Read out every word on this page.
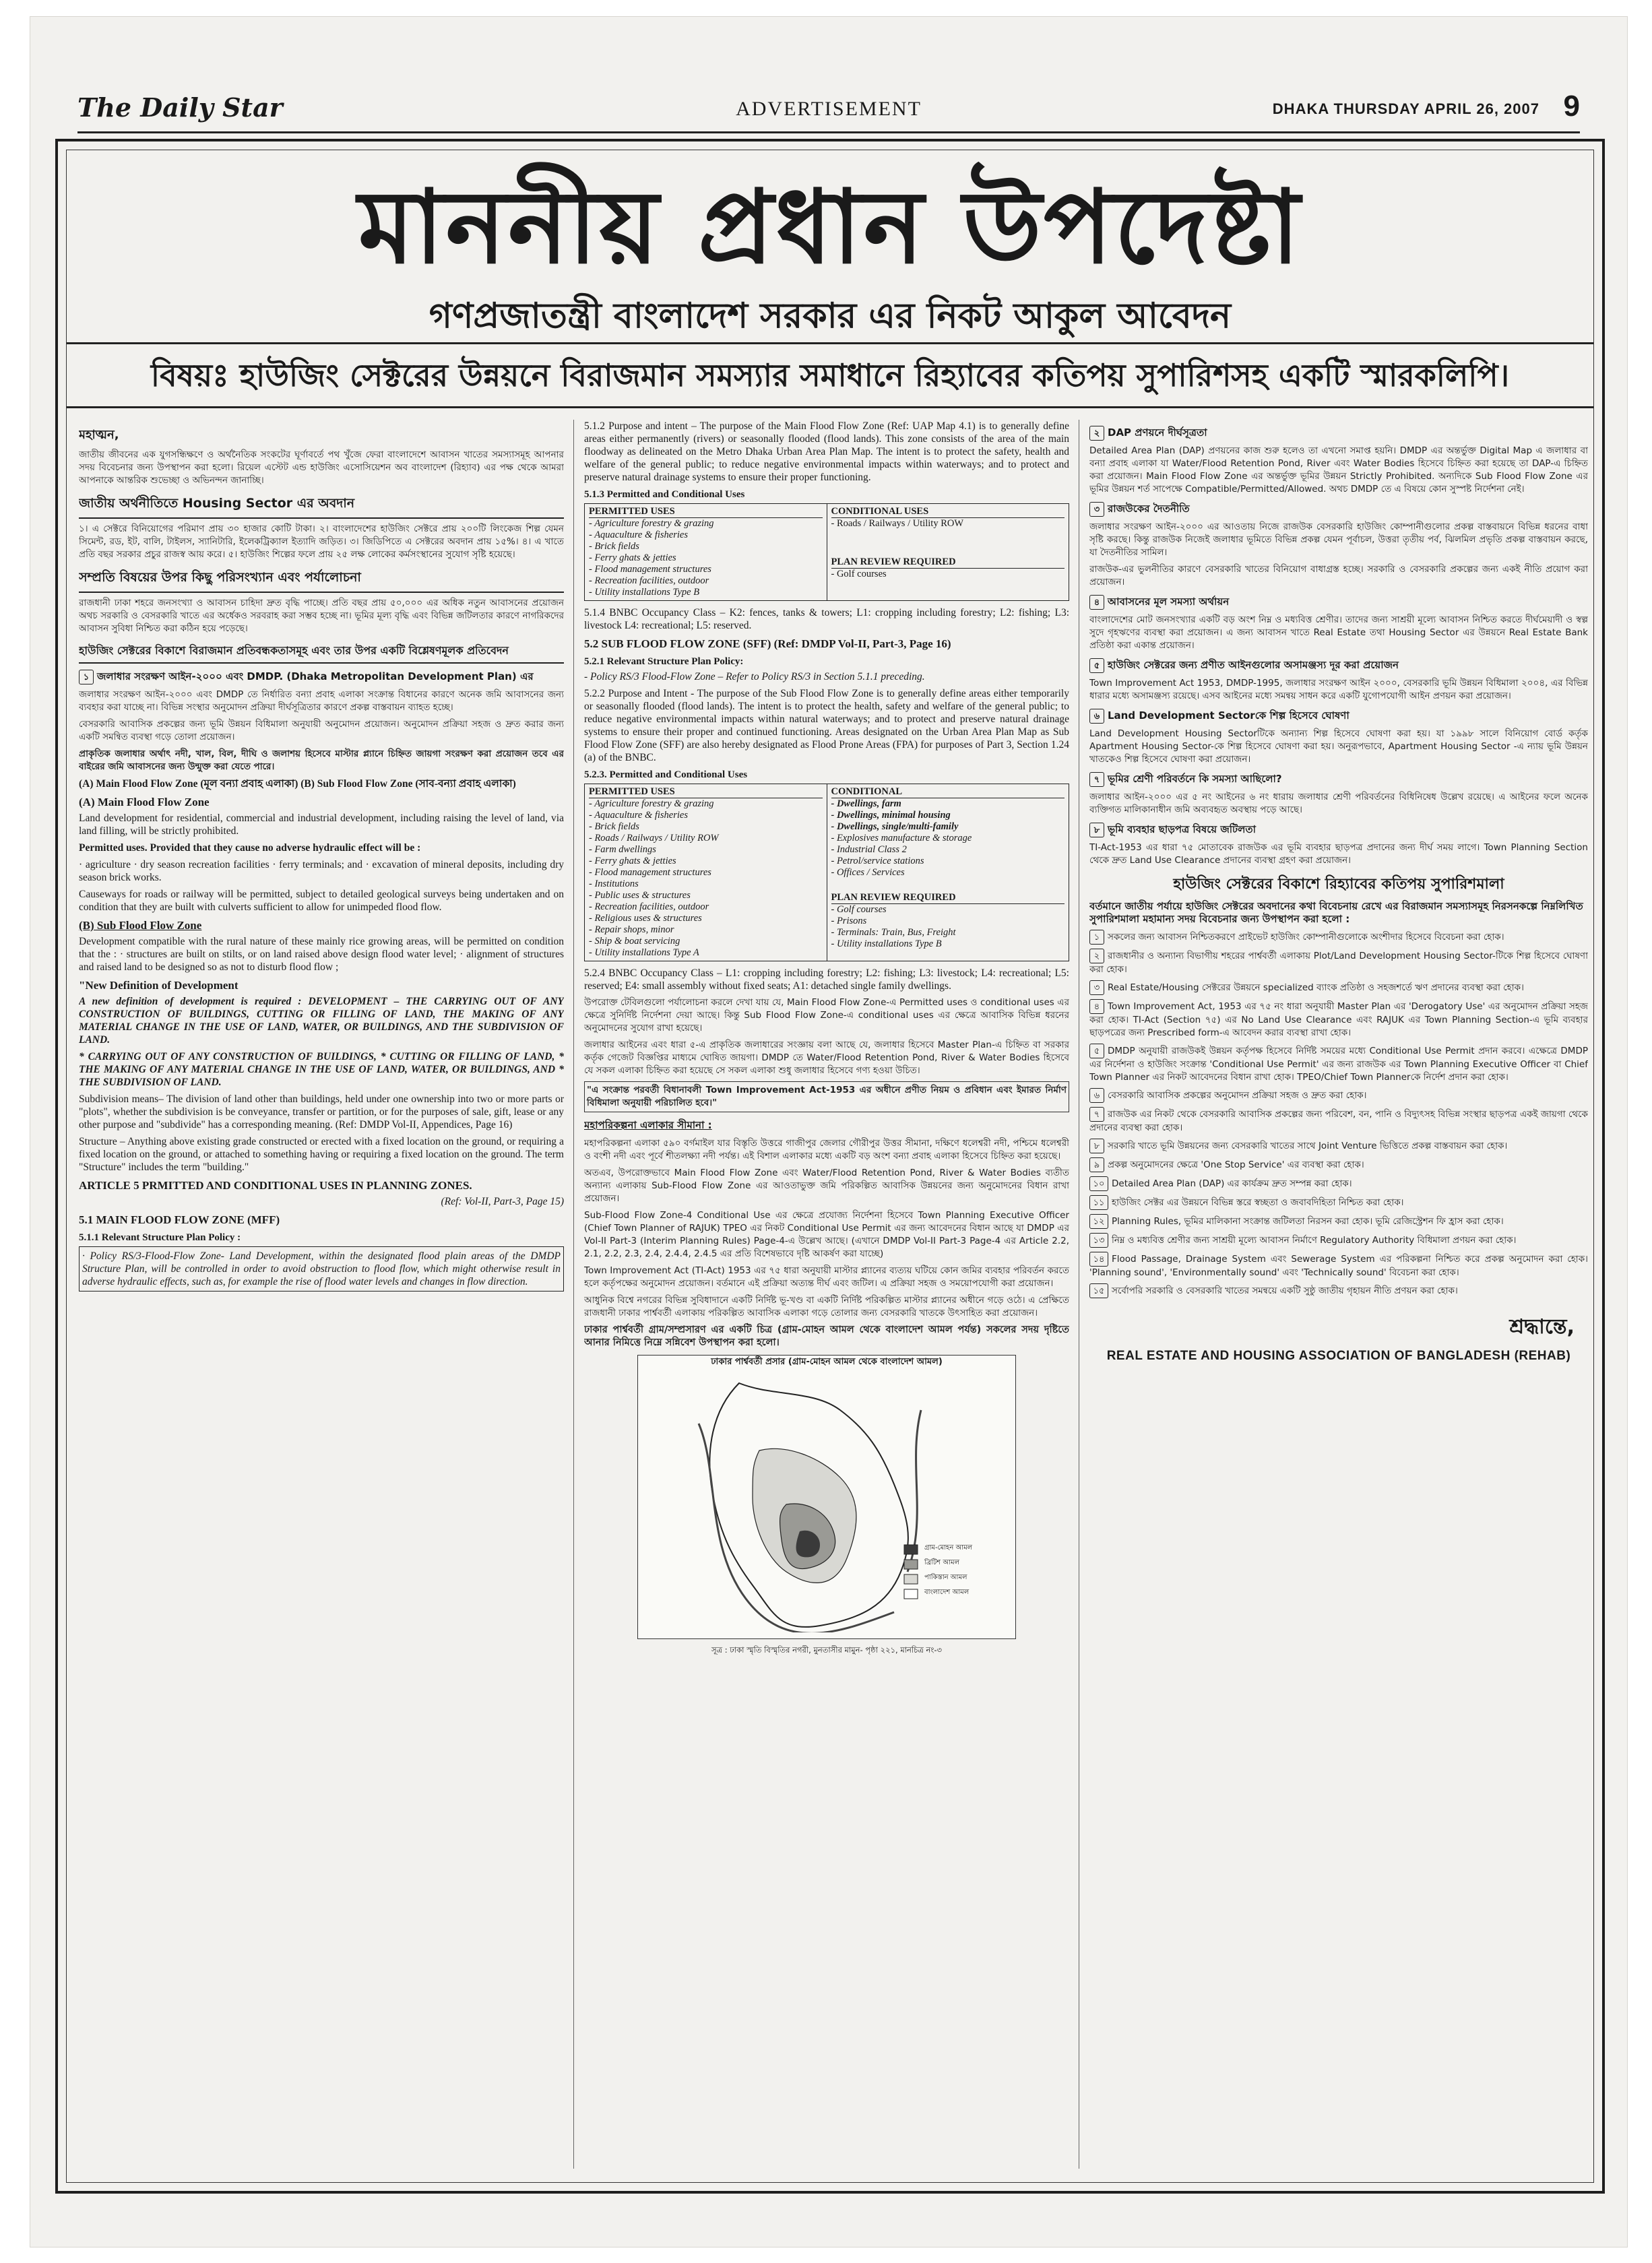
The Daily Star	ADVERTISEMENT	DHAKA THURSDAY APRIL 26, 2007 9
মাননীয় প্রধান উপদেষ্টা
গণপ্রজাতন্ত্রী বাংলাদেশ সরকার এর নিকট আকুল আবেদন
বিষয়ঃ হাউজিং সেক্টরের উন্নয়নে বিরাজমান সমস্যার সমাধানে রিহ্যাবের কতিপয় সুপারিশসহ একটি স্মারকলিপি।
মহাত্মন,

জাতীয় জীবনের এক যুগসন্ধিক্ষণে ও অর্থনৈতিক সংকটের ঘূর্ণাবর্তে পথ খুঁজে ফেরা বাংলাদেশে আবাসন খাতের সমস্যাসমূহ আপনার সদয় বিবেচনার জন্য উপস্থাপন করা হলো। রিয়েল এস্টেট এন্ড হাউজিং এসোসিয়েশন অব বাংলাদেশ (রিহ্যাব) এর পক্ষ থেকে আমরা আপনাকে আন্তরিক শুভেচ্ছা ও অভিনন্দন জানাচ্ছি।

জাতীয় অর্থনীতিতে Housing Sector এর অবদান

১। এ সেক্টরে বিনিয়োগের পরিমাণ প্রায় ৩০ হাজার কোটি টাকা। ২। বাংলাদেশের হাউজিং সেক্টরে প্রায় ২০০টি লিংকেজ শিল্প যেমন সিমেন্ট, রড, ইট, বালি, টাইলস, স্যানিটারি, ইলেকট্রিক্যাল ইত্যাদি জড়িত। ৩। জিডিপিতে এ সেক্টরের অবদান প্রায় ১৫%। ৪। এ খাতে প্রতি বছর সরকার প্রচুর রাজস্ব আয় করে। ৫। হাউজিং শিল্পের ফলে প্রায় ২৫ লক্ষ লোকের কর্মসংস্থানের সুযোগ সৃষ্টি হয়েছে।

সম্প্রতি বিষয়ের উপর কিছু পরিসংখ্যান এবং পর্যালোচনা

রাজধানী ঢাকা শহরে জনসংখ্যা ও আবাসন চাহিদা দ্রুত বৃদ্ধি পাচ্ছে। প্রতি বছর প্রায় ৫০,০০০ এর অধিক নতুন আবাসনের প্রয়োজন অথচ সরকারি ও বেসরকারি খাতে এর অর্ধেকও সরবরাহ করা সম্ভব হচ্ছে না। ভূমির মূল্য বৃদ্ধি এবং বিভিন্ন জটিলতার কারণে নাগরিকদের আবাসন সুবিধা নিশ্চিত করা কঠিন হয়ে পড়েছে।

হাউজিং সেক্টরের বিকাশে বিরাজমান প্রতিবন্ধকতাসমূহ এবং তার উপর একটি বিশ্লেষণমূলক প্রতিবেদন
১ জলাধার সংরক্ষণ আইন-২০০০ এবং DMDP. (Dhaka Metropolitan Development Plan) এর

জলাধার সংরক্ষণ আইন-২০০০ এবং DMDP তে নির্ধারিত বন্যা প্রবাহ এলাকা সংক্রান্ত বিধানের কারণে অনেক জমি আবাসনের জন্য ব্যবহার করা যাচ্ছে না। বিভিন্ন সংস্থার অনুমোদন প্রক্রিয়া দীর্ঘসূত্রিতার কারণে প্রকল্প বাস্তবায়ন ব্যাহত হচ্ছে।

বেসরকারি আবাসিক প্রকল্পের জন্য ভূমি উন্নয়ন বিধিমালা অনুযায়ী অনুমোদন প্রয়োজন। অনুমোদন প্রক্রিয়া সহজ ও দ্রুত করার জন্য একটি সমন্বিত ব্যবস্থা গড়ে তোলা প্রয়োজন।

প্রাকৃতিক জলাধার অর্থাৎ নদী, খাল, বিল, দীঘি ও জলাশয় হিসেবে মাস্টার প্ল্যানে চিহ্নিত জায়গা সংরক্ষণ করা প্রয়োজন তবে এর বাইরের জমি আবাসনের জন্য উন্মুক্ত করা যেতে পারে।

(A) Main Flood Flow Zone (মূল বন্যা প্রবাহ এলাকা) (B) Sub Flood Flow Zone (সাব-বন্যা প্রবাহ এলাকা)

(A) Main Flood Flow Zone

Land development for residential, commercial and industrial development, including raising the level of land, via land filling, will be strictly prohibited.

Permitted uses. Provided that they cause no adverse hydraulic effect will be :

· agriculture · dry season recreation facilities · ferry terminals; and · excavation of mineral deposits, including dry season brick works.

Causeways for roads or railway will be permitted, subject to detailed geological surveys being undertaken and on condition that they are built with culverts sufficient to allow for unimpeded flood flow.

(B) Sub Flood Flow Zone

Development compatible with the rural nature of these mainly rice growing areas, will be permitted on condition that the : · structures are built on stilts, or on land raised above design flood water level; · alignment of structures and raised land to be designed so as not to disturb flood flow ;

"New Definition of Development

A new definition of development is required : DEVELOPMENT – THE CARRYING OUT OF ANY CONSTRUCTION OF BUILDINGS, CUTTING OR FILLING OF LAND, THE MAKING OF ANY MATERIAL CHANGE IN THE USE OF LAND, WATER, OR BUILDINGS, AND THE SUBDIVISION OF LAND.

* CARRYING OUT OF ANY CONSTRUCTION OF BUILDINGS, * CUTTING OR FILLING OF LAND, * THE MAKING OF ANY MATERIAL CHANGE IN THE USE OF LAND, WATER, OR BUILDINGS, AND * THE SUBDIVISION OF LAND.

Subdivision means– The division of land other than buildings, held under one ownership into two or more parts or "plots", whether the subdivision is be conveyance, transfer or partition, or for the purposes of sale, gift, lease or any other purpose and "subdivide" has a corresponding meaning. (Ref: DMDP Vol-II, Appendices, Page 16)

Structure – Anything above existing grade constructed or erected with a fixed location on the ground, or requiring a fixed location on the ground, or attached to something having or requiring a fixed location on the ground. The term "Structure" includes the term "building."

ARTICLE 5 PRMITTED AND CONDITIONAL USES IN PLANNING ZONES.
(Ref: Vol-II, Part-3, Page 15)
5.1 MAIN FLOOD FLOW ZONE (MFF)
5.1.1 Relevant Structure Plan Policy :

· Policy RS/3-Flood-Flow Zone- Land Development, within the designated flood plain areas of the DMDP Structure Plan, will be controlled in order to avoid obstruction to flood flow, which might otherwise result in adverse hydraulic effects, such as, for example the rise of flood water levels and changes in flow direction.

5.1.2 Purpose and intent – The purpose of the Main Flood Flow Zone (Ref: UAP Map 4.1) is to generally define areas either permanently (rivers) or seasonally flooded (flood lands). This zone consists of the area of the main floodway as delineated on the Metro Dhaka Urban Area Plan Map. The intent is to protect the safety, health and welfare of the general public; to reduce negative environmental impacts within waterways; and to protect and preserve natural drainage systems to ensure their proper functioning.

5.1.3 Permitted and Conditional Uses
PERMITTED USES
- Agriculture forestry & grazing
- Aquaculture & fisheries
- Brick fields
- Ferry ghats & jetties
- Flood management structures
- Recreation facilities, outdoor
- Utility installations Type B

CONDITIONAL USES
- Roads / Railways / Utility ROW
PLAN REVIEW REQUIRED
- Golf courses

5.1.4 BNBC Occupancy Class – K2: fences, tanks & towers; L1: cropping including forestry; L2: fishing; L3: livestock L4: recreational; L5: reserved.

5.2 SUB FLOOD FLOW ZONE (SFF) (Ref: DMDP Vol-II, Part-3, Page 16)
5.2.1 Relevant Structure Plan Policy:

- Policy RS/3 Flood-Flow Zone – Refer to Policy RS/3 in Section 5.1.1 preceding.

5.2.2 Purpose and Intent - The purpose of the Sub Flood Flow Zone is to generally define areas either temporarily or seasonally flooded (flood lands). The intent is to protect the health, safety and welfare of the general public; to reduce negative environmental impacts within natural waterways; and to protect and preserve natural drainage systems to ensure their proper and continued functioning. Areas designated on the Urban Area Plan Map as Sub Flood Flow Zone (SFF) are also hereby designated as Flood Prone Areas (FPA) for purposes of Part 3, Section 1.24 (a) of the BNBC.

5.2.3. Permitted and Conditional Uses
PERMITTED USES
- Agriculture forestry & grazing
- Aquaculture & fisheries
- Brick fields
- Roads / Railways / Utility ROW
- Farm dwellings
- Ferry ghats & jetties
- Flood management structures
- Institutions
- Public uses & structures
- Recreation facilities, outdoor
- Religious uses & structures
- Repair shops, minor
- Ship & boat servicing
- Utility installations Type A

CONDITIONAL
- Dwellings, farm
- Dwellings, minimal housing
- Dwellings, single/multi-family
- Explosives manufacture & storage
- Industrial Class 2
- Petrol/service stations
- Offices / Services
PLAN REVIEW REQUIRED
- Golf courses
- Prisons
- Terminals: Train, Bus, Freight
- Utility installations Type B

5.2.4 BNBC Occupancy Class – L1: cropping including forestry; L2: fishing; L3: livestock; L4: recreational; L5: reserved; E4: small assembly without fixed seats; A1: detached single family dwellings.

উপরোক্ত টেবিলগুলো পর্যালোচনা করলে দেখা যায় যে, Main Flood Flow Zone-এ Permitted uses ও conditional uses এর ক্ষেত্রে সুনির্দিষ্ট নির্দেশনা দেয়া আছে। কিন্তু Sub Flood Flow Zone-এ conditional uses এর ক্ষেত্রে আবাসিক বিভিন্ন ধরনের অনুমোদনের সুযোগ রাখা হয়েছে।

জলাধার আইনের এবং ধারা ৫-এ প্রাকৃতিক জলাধারের সংজ্ঞায় বলা আছে যে, জলাধার হিসেবে Master Plan-এ চিহ্নিত বা সরকার কর্তৃক গেজেট বিজ্ঞপ্তির মাধ্যমে ঘোষিত জায়গা। DMDP তে Water/Flood Retention Pond, River & Water Bodies হিসেবে যে সকল এলাকা চিহ্নিত করা হয়েছে সে সকল এলাকা শুধু জলাধার হিসেবে গণ্য হওয়া উচিত।

"এ সংক্রান্ত পরবর্তী বিধানাবলী Town Improvement Act-1953 এর অধীনে প্রণীত নিয়ম ও প্রবিধান এবং ইমারত নির্মাণ বিধিমালা অনুযায়ী পরিচালিত হবে।"

মহাপরিকল্পনা এলাকার সীমানা :

মহাপরিকল্পনা এলাকা ৫৯০ বর্গমাইল যার বিস্তৃতি উত্তরে গাজীপুর জেলার গৌরীপুর উত্তর সীমানা, দক্ষিণে ধলেশ্বরী নদী, পশ্চিমে ধলেশ্বরী ও বংশী নদী এবং পূর্বে শীতলক্ষ্যা নদী পর্যন্ত। এই বিশাল এলাকার মধ্যে একটি বড় অংশ বন্যা প্রবাহ এলাকা হিসেবে চিহ্নিত করা হয়েছে।

অতএব, উপরোক্তভাবে Main Flood Flow Zone এবং Water/Flood Retention Pond, River & Water Bodies ব্যতীত অন্যান্য এলাকায় Sub-Flood Flow Zone এর আওতাভুক্ত জমি পরিকল্পিত আবাসিক উন্নয়নের জন্য অনুমোদনের বিধান রাখা প্রয়োজন।

Sub-Flood Flow Zone-4 Conditional Use এর ক্ষেত্রে প্রযোজ্য নির্দেশনা হিসেবে Town Planning Executive Officer (Chief Town Planner of RAJUK) TPEO এর নিকট Conditional Use Permit এর জন্য আবেদনের বিধান আছে যা DMDP এর Vol-II Part-3 (Interim Planning Rules) Page-4-এ উল্লেখ আছে। (এখানে DMDP Vol-II Part-3 Page-4 এর Article 2.2, 2.1, 2.2, 2.3, 2.4, 2.4.4, 2.4.5 এর প্রতি বিশেষভাবে দৃষ্টি আকর্ষণ করা যাচ্ছে)

Town Improvement Act (TI-Act) 1953 এর ৭৫ ধারা অনুযায়ী মাস্টার প্ল্যানের ব্যত্যয় ঘটিয়ে কোন জমির ব্যবহার পরিবর্তন করতে হলে কর্তৃপক্ষের অনুমোদন প্রয়োজন। বর্তমানে এই প্রক্রিয়া অত্যন্ত দীর্ঘ এবং জটিল। এ প্রক্রিয়া সহজ ও সময়োপযোগী করা প্রয়োজন।

আধুনিক বিশ্বে নগরের বিভিন্ন সুবিধাদানে একটি নির্দিষ্ট ভূ-খণ্ড বা একটি নির্দিষ্ট পরিকল্পিত মাস্টার প্ল্যানের অধীনে গড়ে ওঠে। এ প্রেক্ষিতে রাজধানী ঢাকার পার্শ্ববর্তী এলাকায় পরিকল্পিত আবাসিক এলাকা গড়ে তোলার জন্য বেসরকারি খাতকে উৎসাহিত করা প্রয়োজন।

ঢাকার পার্শ্ববর্তী গ্রাম/সম্প্রসারণ এর একটি চিত্র (গ্রাম-মোহন আমল থেকে বাংলাদেশ আমল পর্যন্ত) সকলের সদয় দৃষ্টিতে আনার নিমিত্তে নিম্নে সন্নিবেশ উপস্থাপন করা হলো।

ঢাকার পার্শ্ববর্তী প্রসার (গ্রাম-মোহন আমল থেকে বাংলাদেশ আমল)
গ্রাম-মোহন আমল
ব্রিটিশ আমল
পাকিস্তান আমল
বাংলাদেশ আমল
সূত্র : ঢাকা স্মৃতি বিস্মৃতির নগরী, মুনতাসীর মামুন- পৃষ্ঠা ২২১, মানচিত্র নং-৩
২ DAP প্রণয়নে দীর্ঘসূত্রতা

Detailed Area Plan (DAP) প্রণয়নের কাজ শুরু হলেও তা এখনো সমাপ্ত হয়নি। DMDP এর অন্তর্ভুক্ত Digital Map এ জলাধার বা বন্যা প্রবাহ এলাকা যা Water/Flood Retention Pond, River এবং Water Bodies হিসেবে চিহ্নিত করা হয়েছে তা DAP-এ চিহ্নিত করা প্রয়োজন। Main Flood Flow Zone এর অন্তর্ভুক্ত ভূমির উন্নয়ন Strictly Prohibited. অন্যদিকে Sub Flood Flow Zone এর ভূমির উন্নয়ন শর্ত সাপেক্ষে Compatible/Permitted/Allowed. অথচ DMDP তে এ বিষয়ে কোন সুস্পষ্ট নির্দেশনা নেই।

৩ রাজউকের দৈতনীতি

জলাধার সংরক্ষণ আইন-২০০০ এর আওতায় নিজে রাজউক বেসরকারি হাউজিং কোম্পানীগুলোর প্রকল্প বাস্তবায়নে বিভিন্ন ধরনের বাধা সৃষ্টি করছে। কিন্তু রাজউক নিজেই জলাধার ভূমিতে বিভিন্ন প্রকল্প যেমন পূর্বাচল, উত্তরা তৃতীয় পর্ব, ঝিলমিল প্রভৃতি প্রকল্প বাস্তবায়ন করছে, যা দৈতনীতির সামিল।

রাজউক-এর ভুলনীতির কারণে বেসরকারি খাতের বিনিয়োগ বাধাগ্রস্ত হচ্ছে। সরকারি ও বেসরকারি প্রকল্পের জন্য একই নীতি প্রয়োগ করা প্রয়োজন।

৪ আবাসনের মূল সমস্যা অর্থায়ন

বাংলাদেশের মোট জনসংখ্যার একটি বড় অংশ নিম্ন ও মধ্যবিত্ত শ্রেণীর। তাদের জন্য সাশ্রয়ী মূল্যে আবাসন নিশ্চিত করতে দীর্ঘমেয়াদী ও স্বল্প সুদে গৃহঋণের ব্যবস্থা করা প্রয়োজন। এ জন্য আবাসন খাতে Real Estate তথা Housing Sector এর উন্নয়নে Real Estate Bank প্রতিষ্ঠা করা একান্ত প্রয়োজন।

৫ হাউজিং সেক্টরের জন্য প্রণীত আইনগুলোর অসামঞ্জস্য দূর করা প্রয়োজন

Town Improvement Act 1953, DMDP-1995, জলাধার সংরক্ষণ আইন ২০০০, বেসরকারি ভূমি উন্নয়ন বিধিমালা ২০০৪, এর বিভিন্ন ধারার মধ্যে অসামঞ্জস্য রয়েছে। এসব আইনের মধ্যে সমন্বয় সাধন করে একটি যুগোপযোগী আইন প্রণয়ন করা প্রয়োজন।

৬ Land Development Sectorকে শিল্প হিসেবে ঘোষণা

Land Development Housing Sectorটিকে অন্যান্য শিল্প হিসেবে ঘোষণা করা হয়। যা ১৯৯৮ সালে বিনিয়োগ বোর্ড কর্তৃক Apartment Housing Sector-কে শিল্প হিসেবে ঘোষণা করা হয়। অনুরূপভাবে, Apartment Housing Sector -এ ন্যায় ভূমি উন্নয়ন খাতকেও শিল্প হিসেবে ঘোষণা করা প্রয়োজন।

৭ ভূমির শ্রেণী পরিবর্তনে কি সমস্যা আছিলো?

জলাধার আইন-২০০০ এর ৫ নং আইনের ৬ নং ধারায় জলাধার শ্রেণী পরিবর্তনের বিধিনিষেধ উল্লেখ রয়েছে। এ আইনের ফলে অনেক ব্যক্তিগত মালিকানাধীন জমি অব্যবহৃত অবস্থায় পড়ে আছে।

৮ ভূমি ব্যবহার ছাড়পত্র বিষয়ে জটিলতা

TI-Act-1953 এর ধারা ৭৫ মোতাবেক রাজউক এর ভূমি ব্যবহার ছাড়পত্র প্রদানের জন্য দীর্ঘ সময় লাগে। Town Planning Section থেকে দ্রুত Land Use Clearance প্রদানের ব্যবস্থা গ্রহণ করা প্রয়োজন।

হাউজিং সেক্টরের বিকাশে রিহ্যাবের কতিপয় সুপারিশমালা
বর্তমানে জাতীয় পর্যায়ে হাউজিং সেক্টরের অবদানের কথা বিবেচনায় রেখে এর বিরাজমান সমস্যাসমূহ নিরসনকল্পে নিম্নলিখিত সুপারিশমালা মহামান্য সদয় বিবেচনার জন্য উপস্থাপন করা হলো :

১ সকলের জন্য আবাসন নিশ্চিতকরণে প্রাইভেট হাউজিং কোম্পানীগুলোকে অংশীদার হিসেবে বিবেচনা করা হোক।

২ রাজধানীর ও অন্যান্য বিভাগীয় শহরের পার্শ্ববর্তী এলাকায় Plot/Land Development Housing Sector-টিকে শিল্প হিসেবে ঘোষণা করা হোক।

৩ Real Estate/Housing সেক্টরের উন্নয়নে specialized ব্যাংক প্রতিষ্ঠা ও সহজশর্তে ঋণ প্রদানের ব্যবস্থা করা হোক।

৪ Town Improvement Act, 1953 এর ৭৫ নং ধারা অনুযায়ী Master Plan এর 'Derogatory Use' এর অনুমোদন প্রক্রিয়া সহজ করা হোক। TI-Act (Section ৭৫) এর No Land Use Clearance এবং RAJUK এর Town Planning Section-এ ভূমি ব্যবহার ছাড়পত্রের জন্য Prescribed form-এ আবেদন করার ব্যবস্থা রাখা হোক।

৫ DMDP অনুযায়ী রাজউকই উন্নয়ন কর্তৃপক্ষ হিসেবে নির্দিষ্ট সময়ের মধ্যে Conditional Use Permit প্রদান করবে। এক্ষেত্রে DMDP এর নির্দেশনা ও হাউজিং সংক্রান্ত 'Conditional Use Permit' এর জন্য রাজউক এর Town Planning Executive Officer বা Chief Town Planner এর নিকট আবেদনের বিধান রাখা হোক। TPEO/Chief Town Plannerকে নির্দেশ প্রদান করা হোক।

৬ বেসরকারি আবাসিক প্রকল্পের অনুমোদন প্রক্রিয়া সহজ ও দ্রুত করা হোক।

৭ রাজউক এর নিকট থেকে বেসরকারি আবাসিক প্রকল্পের জন্য পরিবেশ, বন, পানি ও বিদ্যুৎসহ বিভিন্ন সংস্থার ছাড়পত্র একই জায়গা থেকে প্রদানের ব্যবস্থা করা হোক।

৮ সরকারি খাতে ভূমি উন্নয়নের জন্য বেসরকারি খাতের সাথে Joint Venture ভিত্তিতে প্রকল্প বাস্তবায়ন করা হোক।

৯ প্রকল্প অনুমোদনের ক্ষেত্রে 'One Stop Service' এর ব্যবস্থা করা হোক।

১০ Detailed Area Plan (DAP) এর কার্যক্রম দ্রুত সম্পন্ন করা হোক।

১১ হাউজিং সেক্টর এর উন্নয়নে বিভিন্ন স্তরে স্বচ্ছতা ও জবাবদিহিতা নিশ্চিত করা হোক।

১২ Planning Rules, ভূমির মালিকানা সংক্রান্ত জটিলতা নিরসন করা হোক। ভূমি রেজিস্ট্রেশন ফি হ্রাস করা হোক।

১৩ নিম্ন ও মধ্যবিত্ত শ্রেণীর জন্য সাশ্রয়ী মূল্যে আবাসন নির্মাণে Regulatory Authority বিধিমালা প্রণয়ন করা হোক।

১৪ Flood Passage, Drainage System এবং Sewerage System এর পরিকল্পনা নিশ্চিত করে প্রকল্প অনুমোদন করা হোক। 'Planning sound', 'Environmentally sound' এবং 'Technically sound' বিবেচনা করা হোক।

১৫ সর্বোপরি সরকারি ও বেসরকারি খাতের সমন্বয়ে একটি সুষ্ঠু জাতীয় গৃহায়ন নীতি প্রণয়ন করা হোক।

শ্রদ্ধান্তে,
REAL ESTATE AND HOUSING ASSOCIATION OF BANGLADESH (REHAB)
